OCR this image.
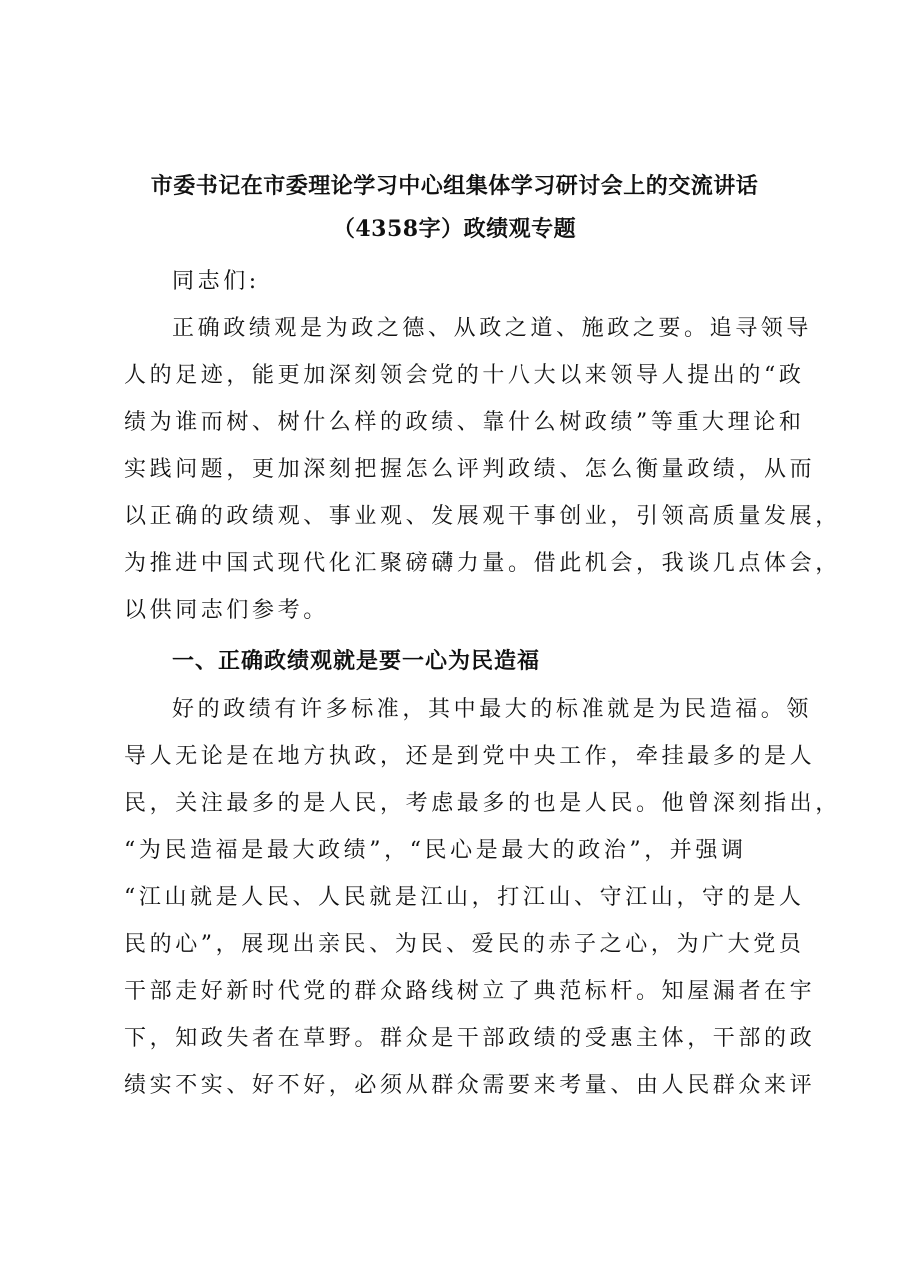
市委书记在市委理论学习中心组集体学习研讨会上的交流讲话
（4358字）政绩观专题
同志们:
正确政绩观是为政之德、从政之道、施政之要。追寻领导
人的足迹，能更加深刻领会党的十八大以来领导人提出的“政
绩为谁而树、树什么样的政绩、靠什么树政绩”等重大理论和
实践问题，更加深刻把握怎么评判政绩、怎么衡量政绩，从而
以正确的政绩观、事业观、发展观干事创业，引领高质量发展，
为推进中国式现代化汇聚磅礴力量。借此机会，我谈几点体会，
以供同志们参考。
一、正确政绩观就是要一心为民造福
好的政绩有许多标准，其中最大的标准就是为民造福。领
导人无论是在地方执政，还是到党中央工作，牵挂最多的是人
民，关注最多的是人民，考虑最多的也是人民。他曾深刻指出，
“为民造福是最大政绩”，“民心是最大的政治”，并强调
“江山就是人民、人民就是江山，打江山、守江山，守的是人
民的心”，展现出亲民、为民、爱民的赤子之心，为广大党员
干部走好新时代党的群众路线树立了典范标杆。知屋漏者在宇
下，知政失者在草野。群众是干部政绩的受惠主体，干部的政
绩实不实、好不好，必须从群众需要来考量、由人民群众来评
